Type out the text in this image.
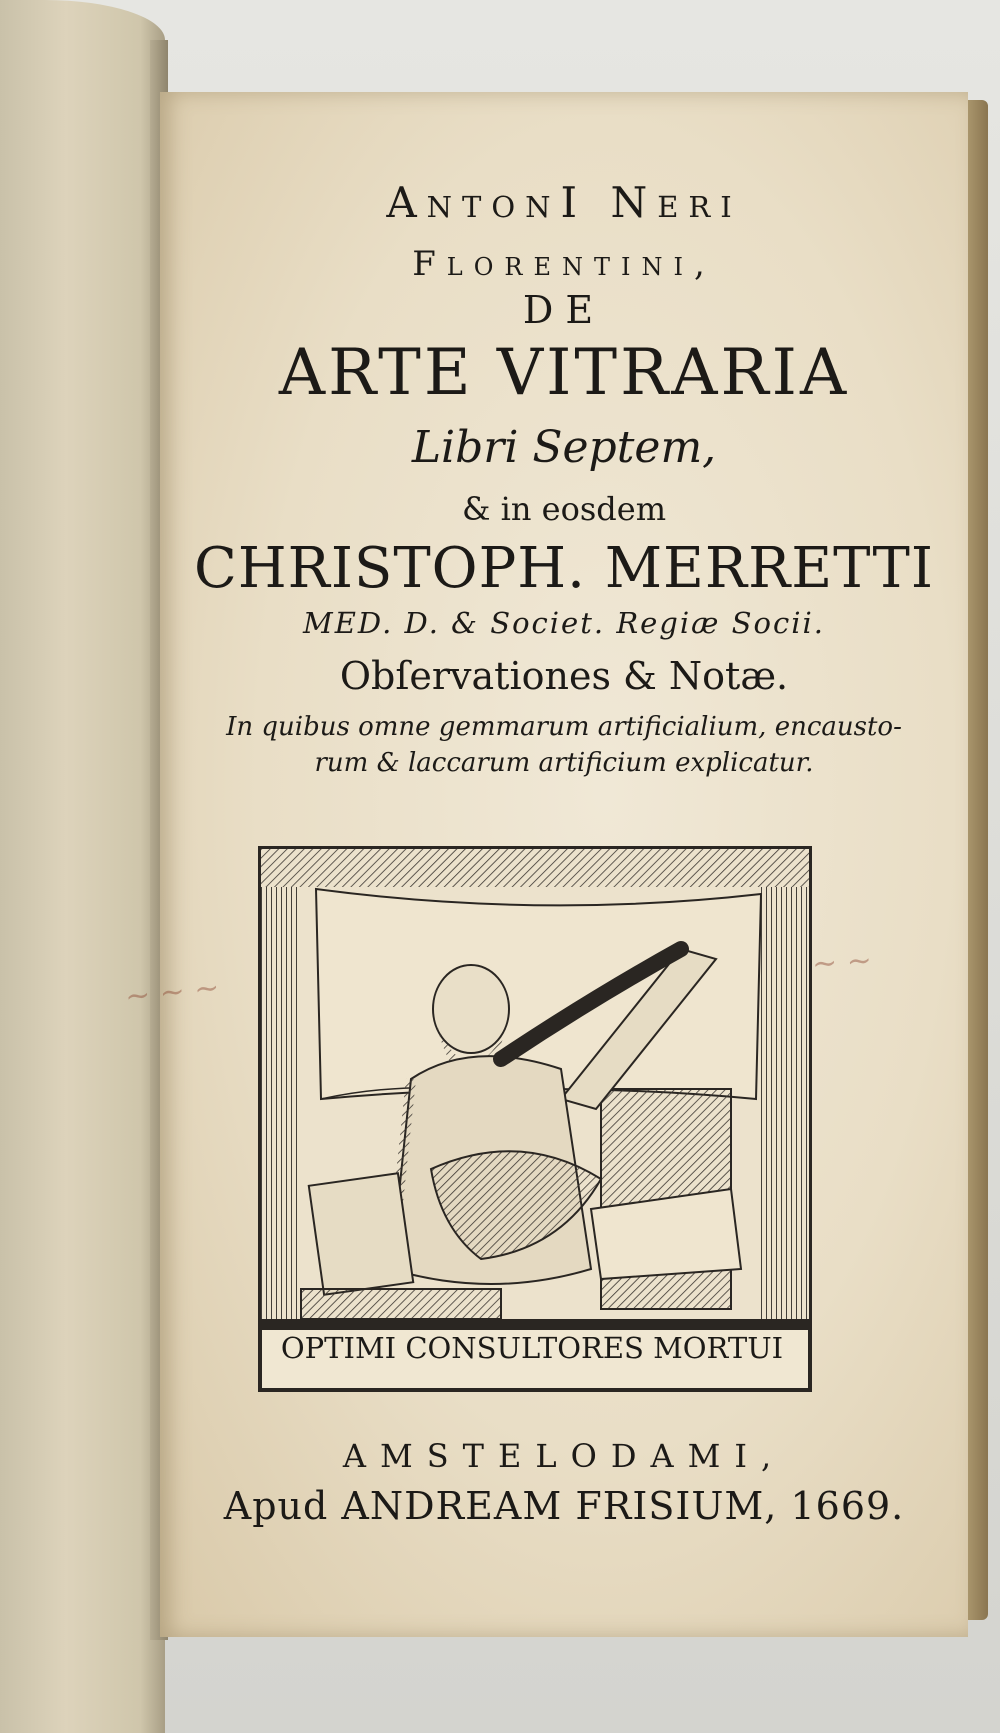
AntonI Neri
Florentini,
DE
ARTE VITRARIA
Libri Septem,
& in eosdem
CHRISTOPH. MERRETTI
MED. D. & Societ. Regiæ Socii.
Obſervationes & Notæ.
In quibus omne gemmarum artificialium, encausto-
rum & laccarum artificium explicatur.
OPTIMI CONSULTORES MORTUI
~ ~ ~
~ ~
AMSTELODAMI,
Apud ANDREAM FRISIUM, 1669.
